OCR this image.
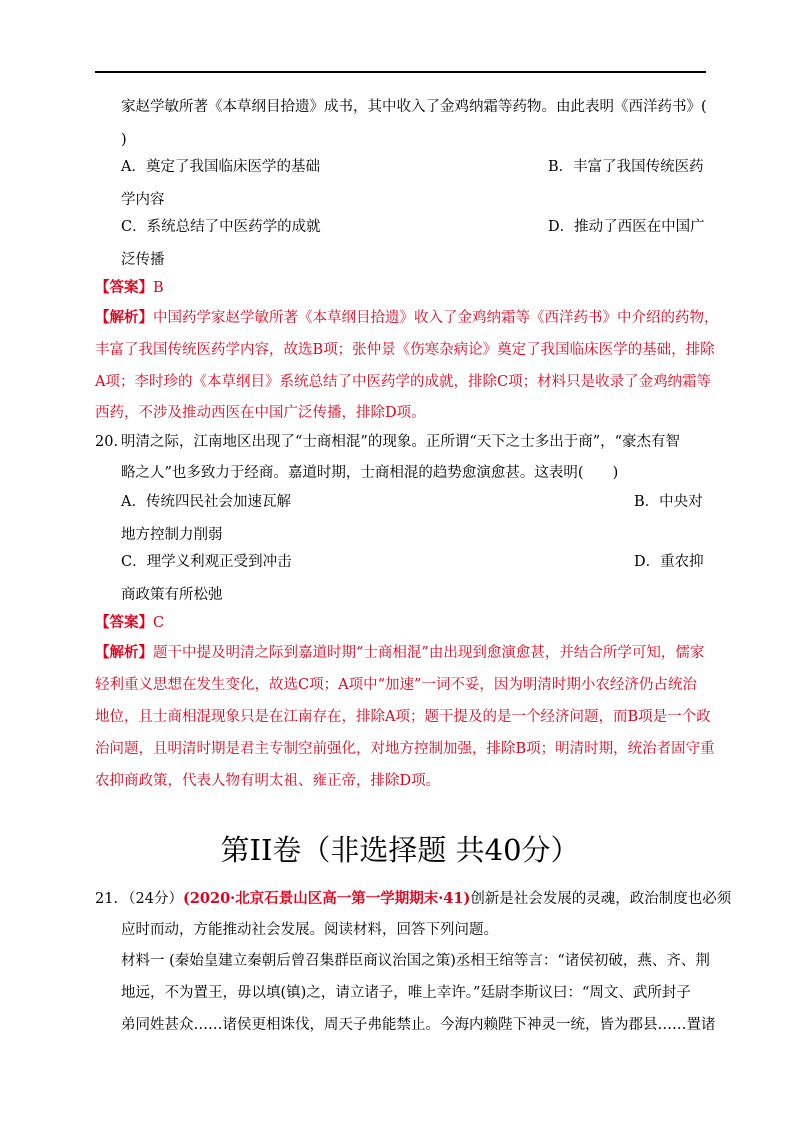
家赵学敏所著《本草纲目拾遗》成书，其中收入了金鸡纳霜等药物。由此表明《西洋药书》(
)
A．奠定了我国临床医学的基础	B．丰富了我国传统医药
学内容
C．系统总结了中医药学的成就	D．推动了西医在中国广
泛传播
【答案】B
【解析】中国药学家赵学敏所著《本草纲目拾遗》收入了金鸡纳霜等《西洋药书》中介绍的药物，
丰富了我国传统医药学内容，故选B项；张仲景《伤寒杂病论》奠定了我国临床医学的基础，排除
A项；李时珍的《本草纲目》系统总结了中医药学的成就，排除C项；材料只是收录了金鸡纳霜等
西药，不涉及推动西医在中国广泛传播，排除D项。
20. 明清之际，江南地区出现了“士商相混”的现象。正所谓“天下之士多出于商”，“豪杰有智
略之人”也多致力于经商。嘉道时期，士商相混的趋势愈演愈甚。这表明(　　)
A．传统四民社会加速瓦解	B．中央对
地方控制力削弱
C．理学义利观正受到冲击	D．重农抑
商政策有所松弛
【答案】C
【解析】题干中提及明清之际到嘉道时期“士商相混”由出现到愈演愈甚，并结合所学可知，儒家
轻利重义思想在发生变化，故选C项；A项中“加速”一词不妥，因为明清时期小农经济仍占统治
地位，且士商相混现象只是在江南存在，排除A项；题干提及的是一个经济问题，而B项是一个政
治问题，且明清时期是君主专制空前强化，对地方控制加强，排除B项；明清时期，统治者固守重
农抑商政策，代表人物有明太祖、雍正帝，排除D项。
第II卷（非选择题 共40分）
21. （24分）(2020·北京石景山区高一第一学期期末·41)创新是社会发展的灵魂，政治制度也必须
应时而动，方能推动社会发展。阅读材料，回答下列问题。
材料一 (秦始皇建立秦朝后曾召集群臣商议治国之策)丞相王绾等言：“诸侯初破，燕、齐、荆
地远，不为置王，毋以填(镇)之，请立诸子，唯上幸许。”廷尉李斯议曰：“周文、武所封子
弟同姓甚众……诸侯更相诛伐，周天子弗能禁止。今海内赖陛下神灵一统，皆为郡县……置诸
